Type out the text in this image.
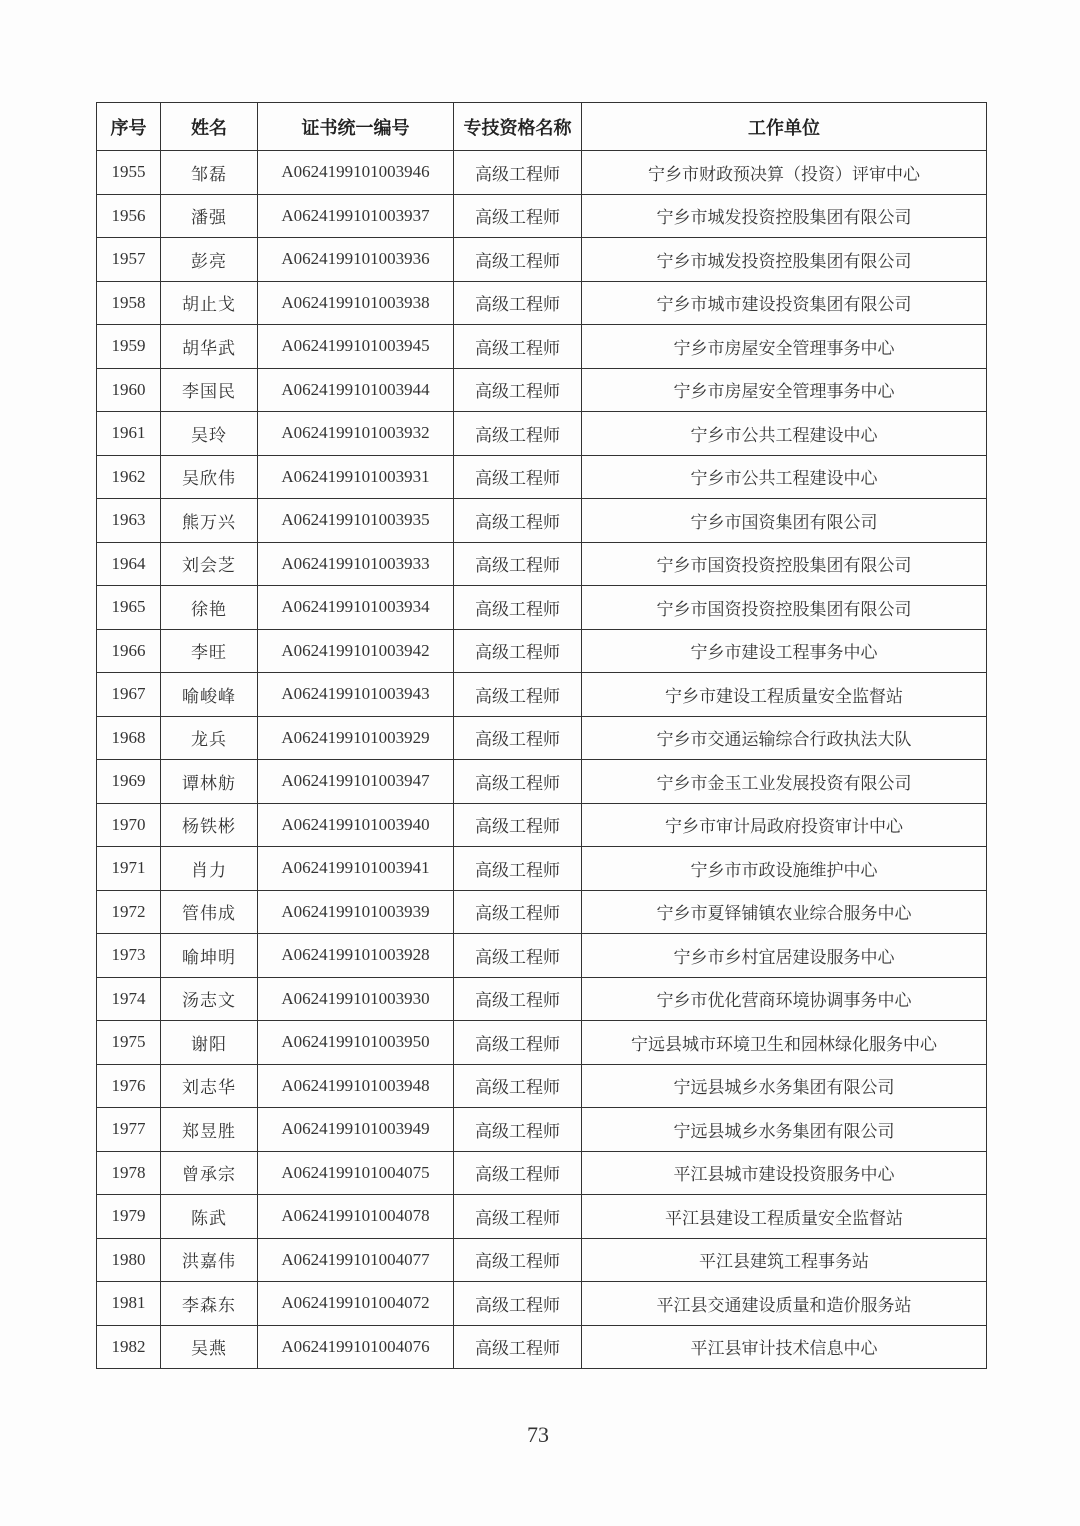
序号	姓名	证书统一编号	专技资格名称	工作单位
1955	邹磊	A0624199101003946	高级工程师	宁乡市财政预决算（投资）评审中心
1956	潘强	A0624199101003937	高级工程师	宁乡市城发投资控股集团有限公司
1957	彭亮	A0624199101003936	高级工程师	宁乡市城发投资控股集团有限公司
1958	胡止戈	A0624199101003938	高级工程师	宁乡市城市建设投资集团有限公司
1959	胡华武	A0624199101003945	高级工程师	宁乡市房屋安全管理事务中心
1960	李国民	A0624199101003944	高级工程师	宁乡市房屋安全管理事务中心
1961	吴玲	A0624199101003932	高级工程师	宁乡市公共工程建设中心
1962	吴欣伟	A0624199101003931	高级工程师	宁乡市公共工程建设中心
1963	熊万兴	A0624199101003935	高级工程师	宁乡市国资集团有限公司
1964	刘会芝	A0624199101003933	高级工程师	宁乡市国资投资控股集团有限公司
1965	徐艳	A0624199101003934	高级工程师	宁乡市国资投资控股集团有限公司
1966	李旺	A0624199101003942	高级工程师	宁乡市建设工程事务中心
1967	喻峻峰	A0624199101003943	高级工程师	宁乡市建设工程质量安全监督站
1968	龙兵	A0624199101003929	高级工程师	宁乡市交通运输综合行政执法大队
1969	谭林舫	A0624199101003947	高级工程师	宁乡市金玉工业发展投资有限公司
1970	杨铁彬	A0624199101003940	高级工程师	宁乡市审计局政府投资审计中心
1971	肖力	A0624199101003941	高级工程师	宁乡市市政设施维护中心
1972	管伟成	A0624199101003939	高级工程师	宁乡市夏铎铺镇农业综合服务中心
1973	喻坤明	A0624199101003928	高级工程师	宁乡市乡村宜居建设服务中心
1974	汤志文	A0624199101003930	高级工程师	宁乡市优化营商环境协调事务中心
1975	谢阳	A0624199101003950	高级工程师	宁远县城市环境卫生和园林绿化服务中心
1976	刘志华	A0624199101003948	高级工程师	宁远县城乡水务集团有限公司
1977	郑昱胜	A0624199101003949	高级工程师	宁远县城乡水务集团有限公司
1978	曾承宗	A0624199101004075	高级工程师	平江县城市建设投资服务中心
1979	陈武	A0624199101004078	高级工程师	平江县建设工程质量安全监督站
1980	洪嘉伟	A0624199101004077	高级工程师	平江县建筑工程事务站
1981	李森东	A0624199101004072	高级工程师	平江县交通建设质量和造价服务站
1982	吴燕	A0624199101004076	高级工程师	平江县审计技术信息中心
73
